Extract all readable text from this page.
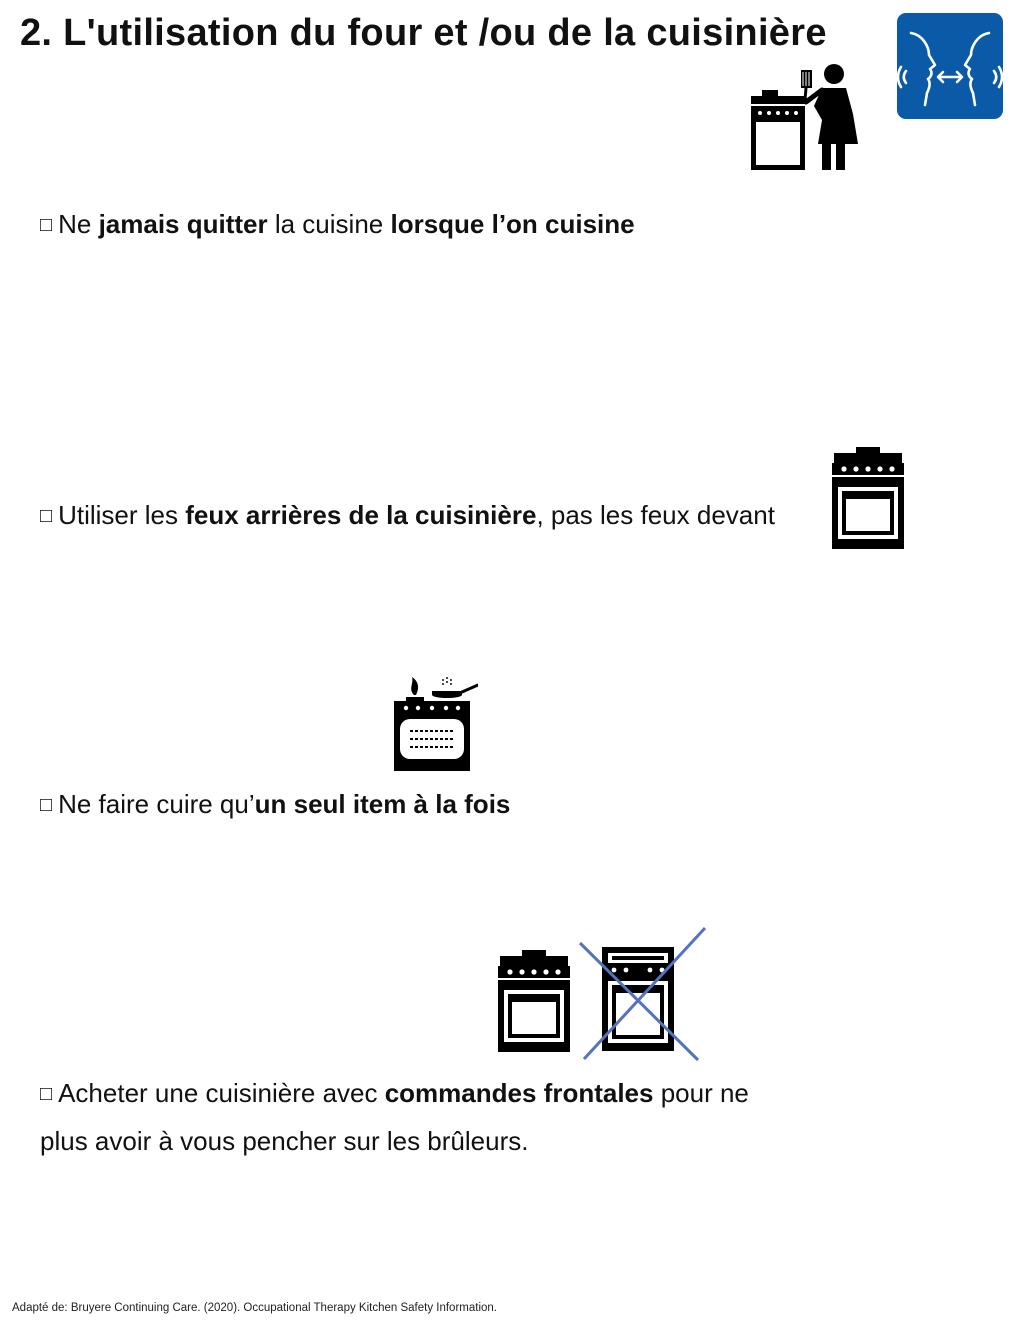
2. L'utilisation du four et /ou de la cuisinière

□ Ne jamais quitter la cuisine lorsque l’on cuisine

□ Utiliser les feux arrières de la cuisinière, pas les feux devant

□ Ne faire cuire qu’un seul item à la fois

□ Acheter une cuisinière avec commandes frontales pour ne

plus avoir à vous pencher sur les brûleurs.

Adapté de: Bruyere Continuing Care. (2020). Occupational Therapy Kitchen Safety Information.
